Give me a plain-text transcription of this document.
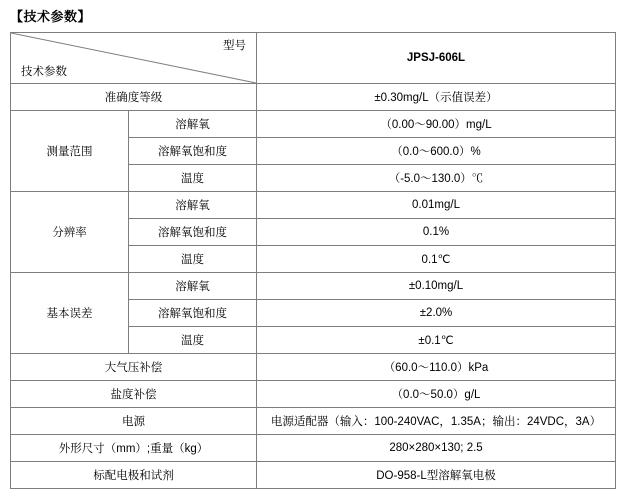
【技术参数】
型号
技术参数		JPSJ-606L
准确度等级		±0.30mg/L（示值误差）
测量范围	溶解氧	（0.00～90.00）mg/L
	溶解氧饱和度	（0.0～600.0）%
	温度	（-5.0～130.0）℃
分辨率	溶解氧	0.01mg/L
	溶解氧饱和度	0.1%
	温度	0.1℃
基本误差	溶解氧	±0.10mg/L
	溶解氧饱和度	±2.0%
	温度	±0.1℃
大气压补偿		（60.0～110.0）kPa
盐度补偿		（0.0～50.0）g/L
电源		电源适配器（输入：100-240VAC，1.35A；输出：24VDC，3A）
外形尺寸（mm）;重量（kg）		280×280×130; 2.5
标配电极和试剂		DO-958-L型溶解氧电极
